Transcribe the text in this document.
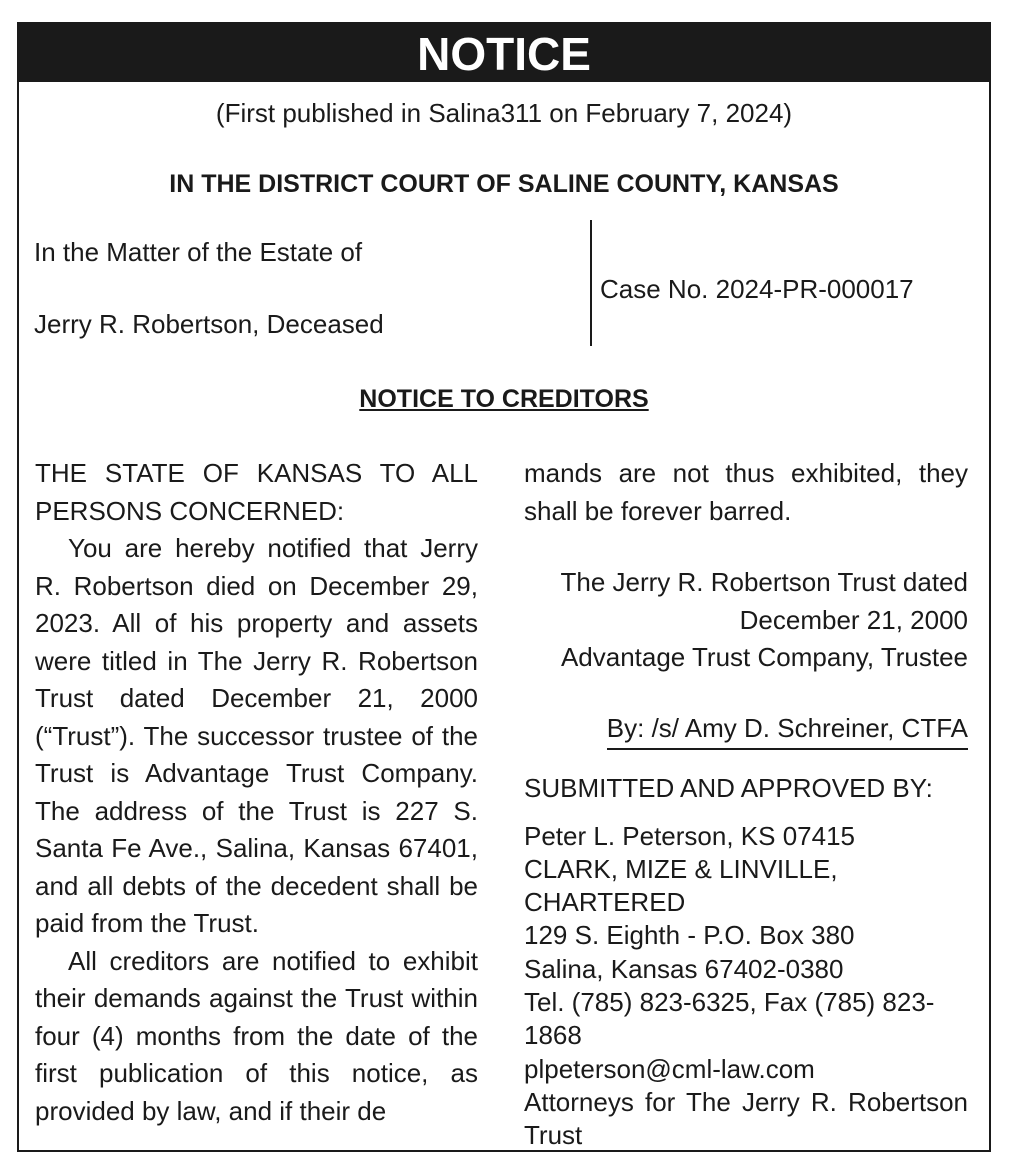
NOTICE
(First published in Salina311 on February 7, 2024)
IN THE DISTRICT COURT OF SALINE COUNTY, KANSAS
In the Matter of the Estate of
Jerry R. Robertson, Deceased
Case No. 2024-PR-000017
NOTICE TO CREDITORS

THE STATE OF KANSAS TO ALL PERSONS CONCERNED:

You are hereby notified that Jerry R. Robertson died on December 29, 2023. All of his property and assets were titled in The Jerry R. Robertson Trust dated December 21, 2000 (“Trust”). The successor trustee of the Trust is Advantage Trust Company. The address of the Trust is 227 S. Santa Fe Ave., Salina, Kansas 67401, and all debts of the decedent shall be paid from the Trust.

All creditors are notified to exhibit their demands against the Trust within four (4) months from the date of the first publication of this notice, as provided by law, and if their de

mands are not thus exhibited, they shall be forever barred.

The Jerry R. Robertson Trust dated

December 21, 2000

Advantage Trust Company, Trustee

By: /s/ Amy D. Schreiner, CTFA

SUBMITTED AND APPROVED BY:

Peter L. Peterson, KS 07415
CLARK, MIZE & LINVILLE,
CHARTERED
129 S. Eighth - P.O. Box 380
Salina, Kansas 67402-0380
Tel. (785) 823-6325, Fax (785) 823-1868
plpeterson@cml-law.com
Attorneys for The Jerry R. Robertson
Trust
